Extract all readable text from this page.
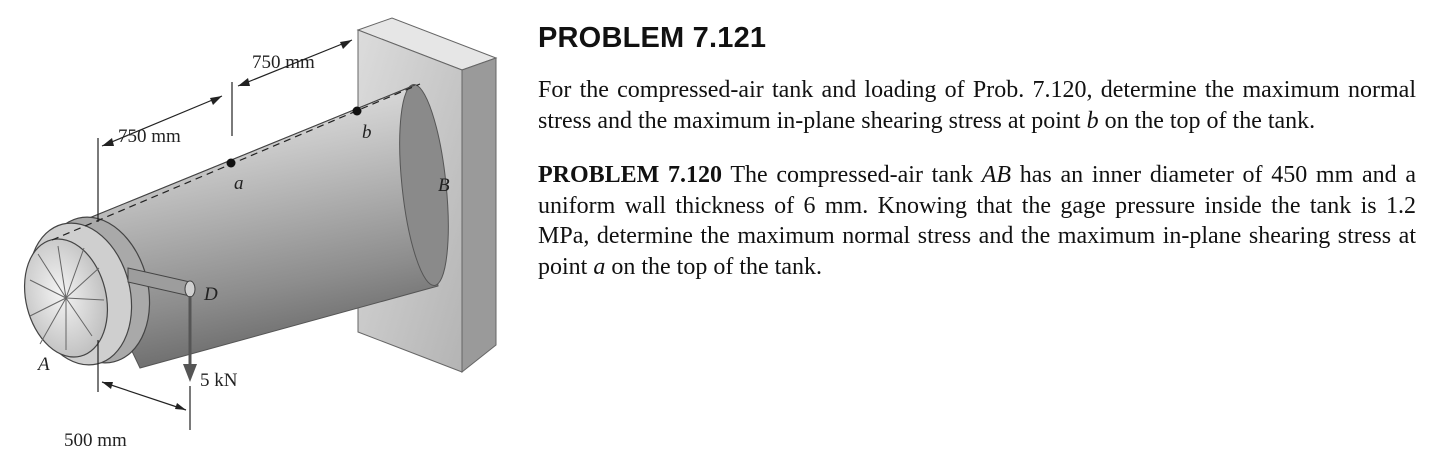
a
b
5 kN
D
A
B
750 mm
750 mm
500 mm
PROBLEM 7.121

For the compressed-air tank and loading of Prob. 7.120, determine the maximum normal stress and the maximum in-plane shearing stress at point b on the top of the tank.

PROBLEM 7.120 The compressed-air tank AB has an inner diameter of 450 mm and a uniform wall thickness of 6 mm. Knowing that the gage pressure inside the tank is 1.2 MPa, determine the maximum normal stress and the maximum in-plane shearing stress at point a on the top of the tank.
